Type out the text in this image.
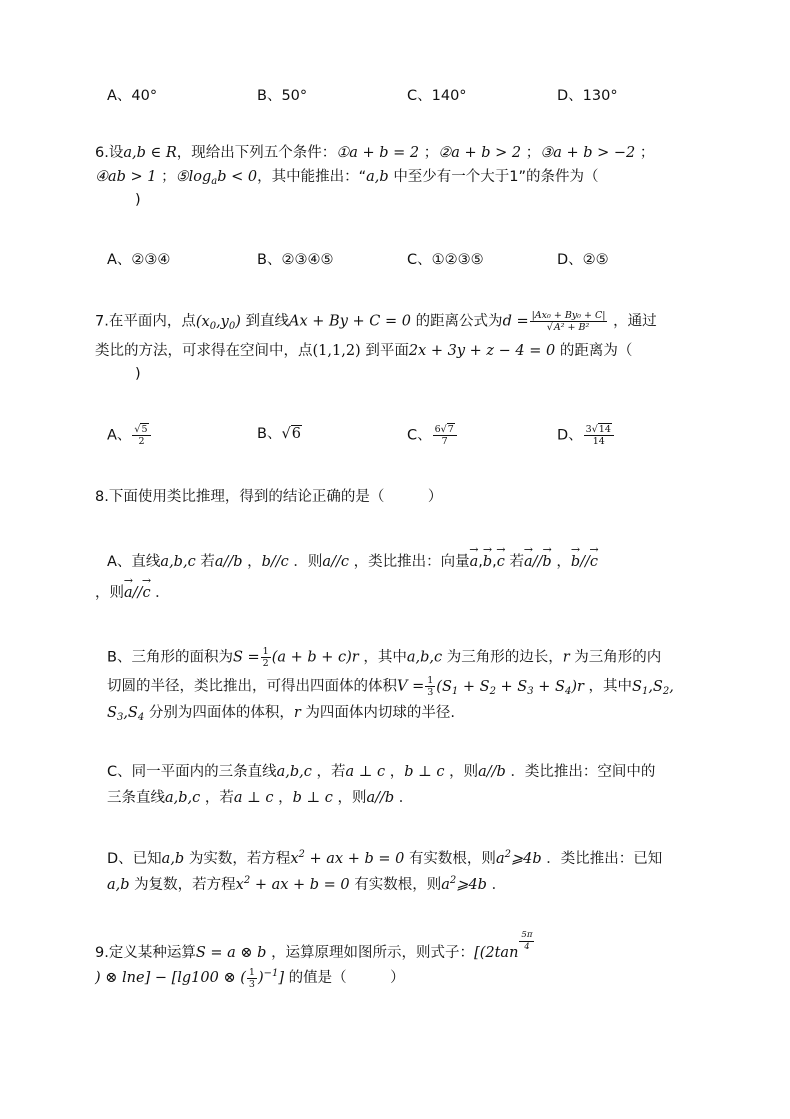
A、40°	B、50°	C、140°	D、130°
6.设a,b ∈ R，现给出下列五个条件：①a + b = 2 ；②a + b > 2 ；③a + b > −2 ；
④ab > 1 ；$⑤\log_ab < 0$，其中能推出：“a,b 中至少有一个大于1”的条件为（
)
A、②③④	B、②③④⑤	C、①②③⑤	D、②⑤
7.在平面内，点$(x_0,y_0)$ 到直线Ax + By + C = 0 的距离公式为$d = \frac{\text{|Ax₀ + By₀ + C|}}{\text{√A² + B²}}$ ，通过
类比的方法，可求得在空间中，点(1,1,2) 到平面2x + 3y + z − 4 = 0 的距离为（
)
A、 $\frac{√5}{2}$	B、√6	C、 $\frac{6√7}{7}$	D、 $\frac{3√14}{14}$
8.下面使用类比推理，得到的结论正确的是（　　　）
A、直线a,b,c 若a//b ，b//c ．则a//c ，类比推出：向量→ a,→ b,→ c 若→ a//→ b ，→ b//→ c
，则→ a//→ c ．
B、三角形的面积为$S = \frac{1}{2} (a + b + c)r$ ，其中a,b,c 为三角形的边长，r 为三角形的内
切圆的半径，类比推出，可得出四面体的体积$V = \frac{1}{3} (S_1 + S_2 + S_3 + S_4)r$ ，其中$S_1,S_2$,
$S_3,S_4$ 分别为四面体的体积，r 为四面体内切球的半径.
C、同一平面内的三条直线a,b,c ，若a ⊥ c ，b ⊥ c ，则a//b ．类比推出：空间中的
三条直线a,b,c ，若a ⊥ c ，b ⊥ c ，则a//b ．
D、已知a,b 为实数，若方程$x^2$ + ax + b = 0 有实数根，则$a^2⩾4b$ ．类比推出：已知
a,b 为复数，若方程$x^2$ + ax + b = 0 有实数根，则$a^2⩾4b$ ．
9.定义某种运算S = a ⊗ b ，运算原理如图所示，则式子：[($2\tan \frac{5\pi}{4}$
) ⊗ lne] − [lg100 ⊗ ( $\frac{1}{3} )^{-1}$] 的值是（　　　）
